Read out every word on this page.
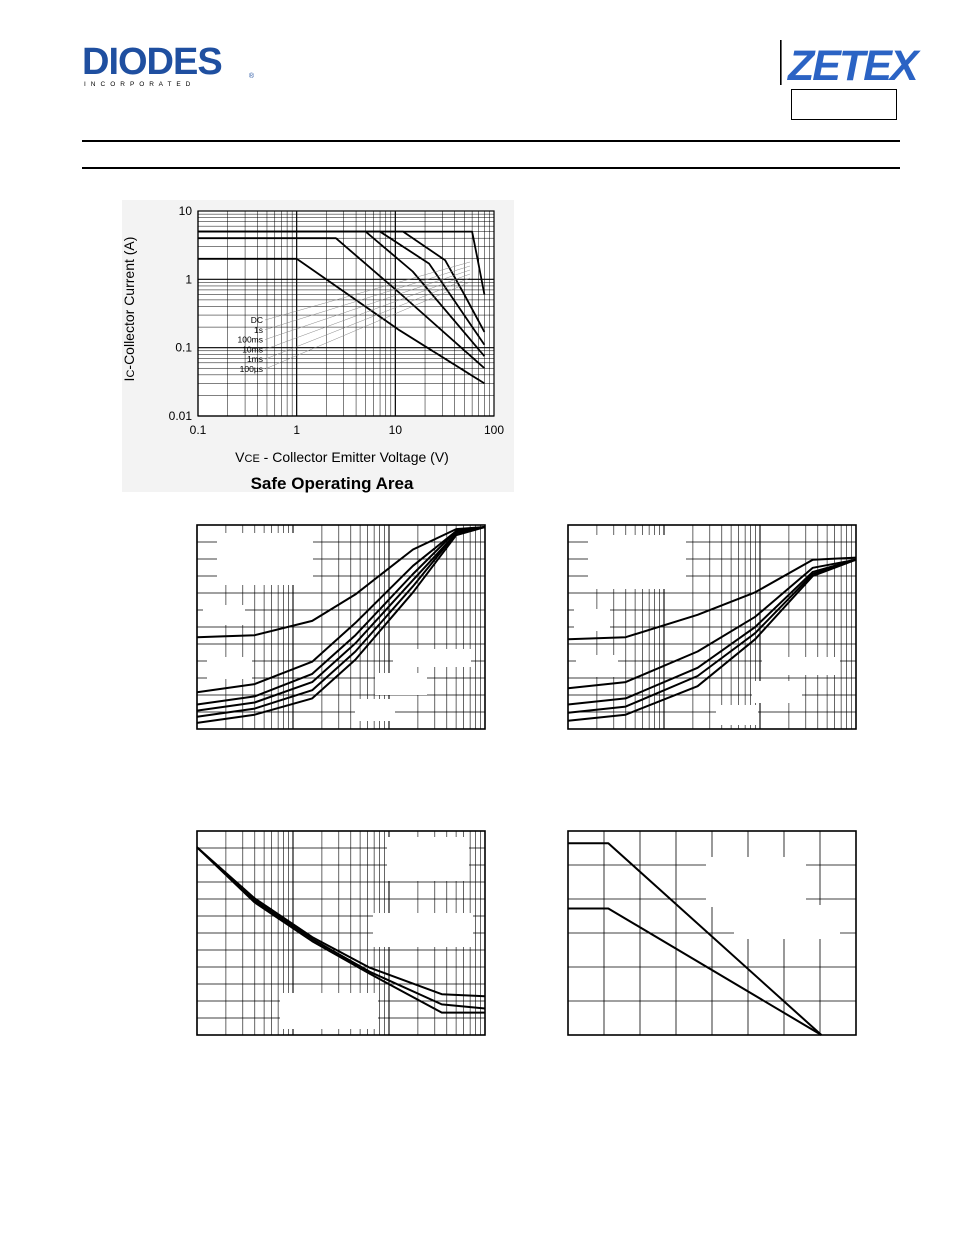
DIODES	®
I N C O R P O R A T E D	ZETEX
DC
1s
100ms
10ms
1ms
100µs
0.1	1	10	100
0.01
0.1
1
10
IC-Collector Current (A)
VCE - Collector Emitter Voltage (V)
Safe Operating Area
